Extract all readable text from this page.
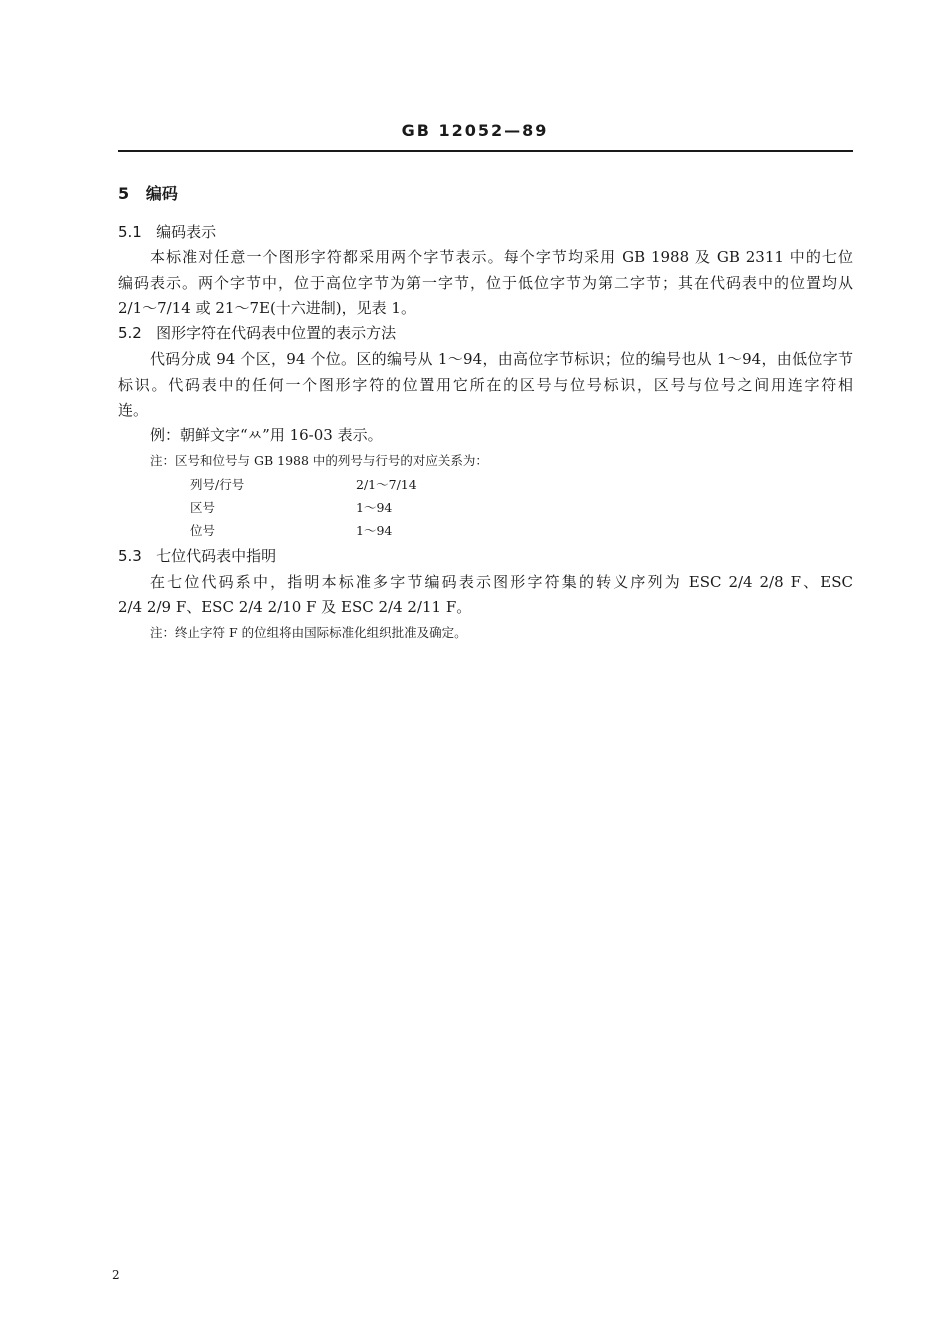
GB 12052—89
5 编码
5.1 编码表示
本标准对任意一个图形字符都采用两个字节表示。每个字节均采用 GB 1988 及 GB 2311 中的七位
编码表示。两个字节中，位于高位字节为第一字节，位于低位字节为第二字节；其在代码表中的位置均从
2/1～7/14 或 21～7E(十六进制)，见表 1。
5.2 图形字符在代码表中位置的表示方法
代码分成 94 个区，94 个位。区的编号从 1～94，由高位字节标识；位的编号也从 1～94，由低位字节
标识。代码表中的任何一个图形字符的位置用它所在的区号与位号标识，区号与位号之间用连字符相
连。
例：朝鲜文字“ㅆ”用 16-03 表示。
注：区号和位号与 GB 1988 中的列号与行号的对应关系为：
列号/行号	2/1～7/14
区号	1～94
位号	1～94
5.3 七位代码表中指明
在七位代码系中，指明本标准多字节编码表示图形字符集的转义序列为 ESC 2/4 2/8 F、ESC
2/4 2/9 F、ESC 2/4 2/10 F 及 ESC 2/4 2/11 F。
注：终止字符 F 的位组将由国际标准化组织批准及确定。
2
